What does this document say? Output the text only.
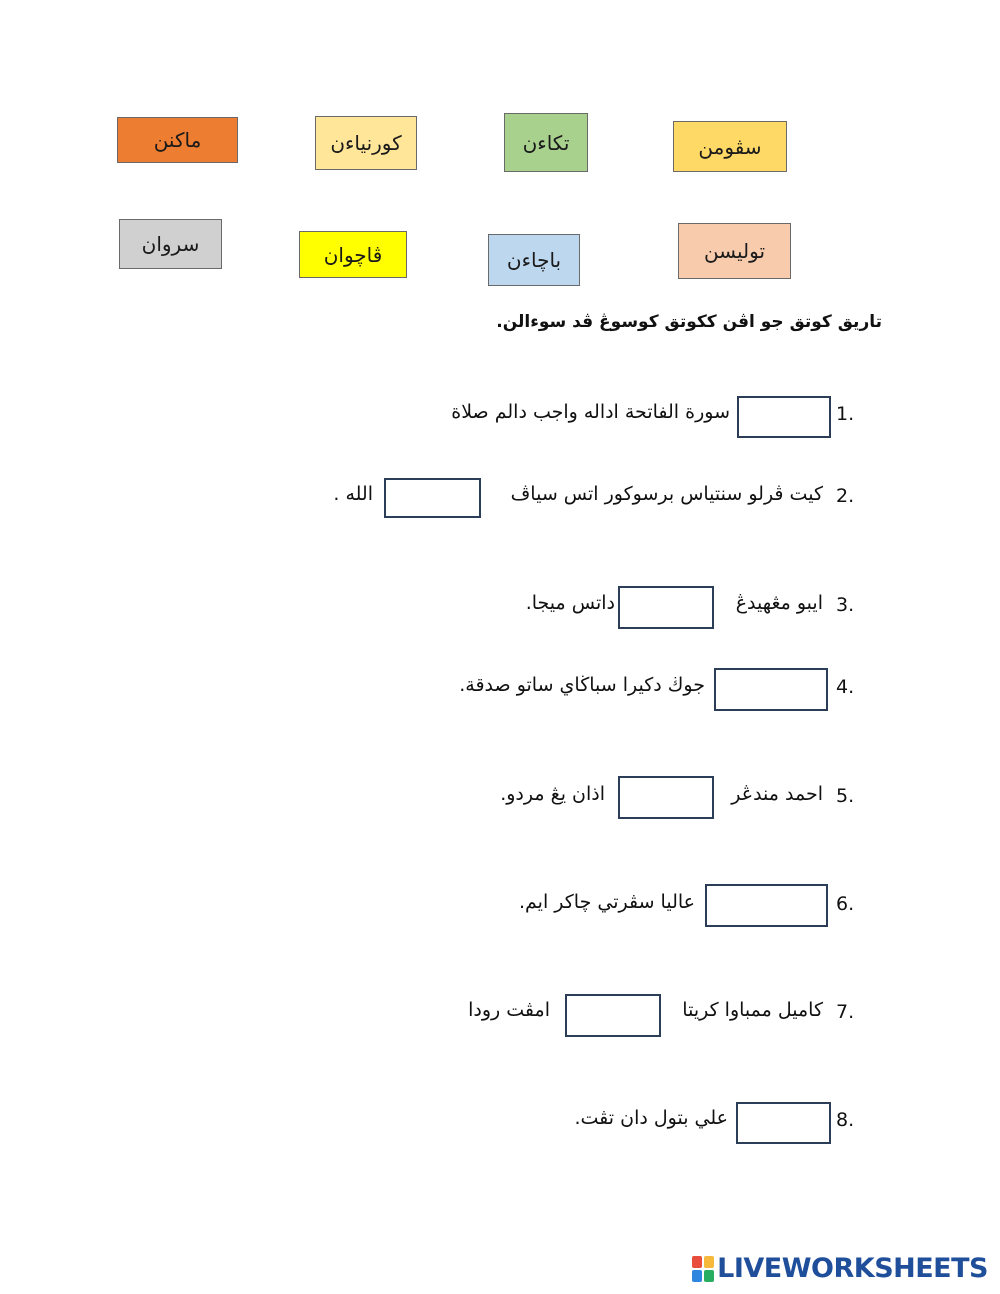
ماكنن	كورنياءن	تكاءن	سڤومن
سروان	ڤاچوان	باچاءن	توليسن
تاريق كوتق جو اڤن ككوتق كوسوڠ ڤد سوءالن.
1.
سورة الفاتحة اداله واجب دالم صلاة
2.
كيت ڤرلو سنتياس برسوكور اتس سياڤ
الله .
3.
ايبو مڠهيدڠ
داتس ميجا.
4.
جوڬ دكيرا سباڬاي ساتو صدقة.
5.
احمد مندڠر
اذان يڠ مردو.
6.
عاليا سڤرتي چاكر ايم.
7.
كاميل ممباوا كريتا
امڤت رودا
8.
علي بتول دان تڤت.
LIVEWORKSHEETS
